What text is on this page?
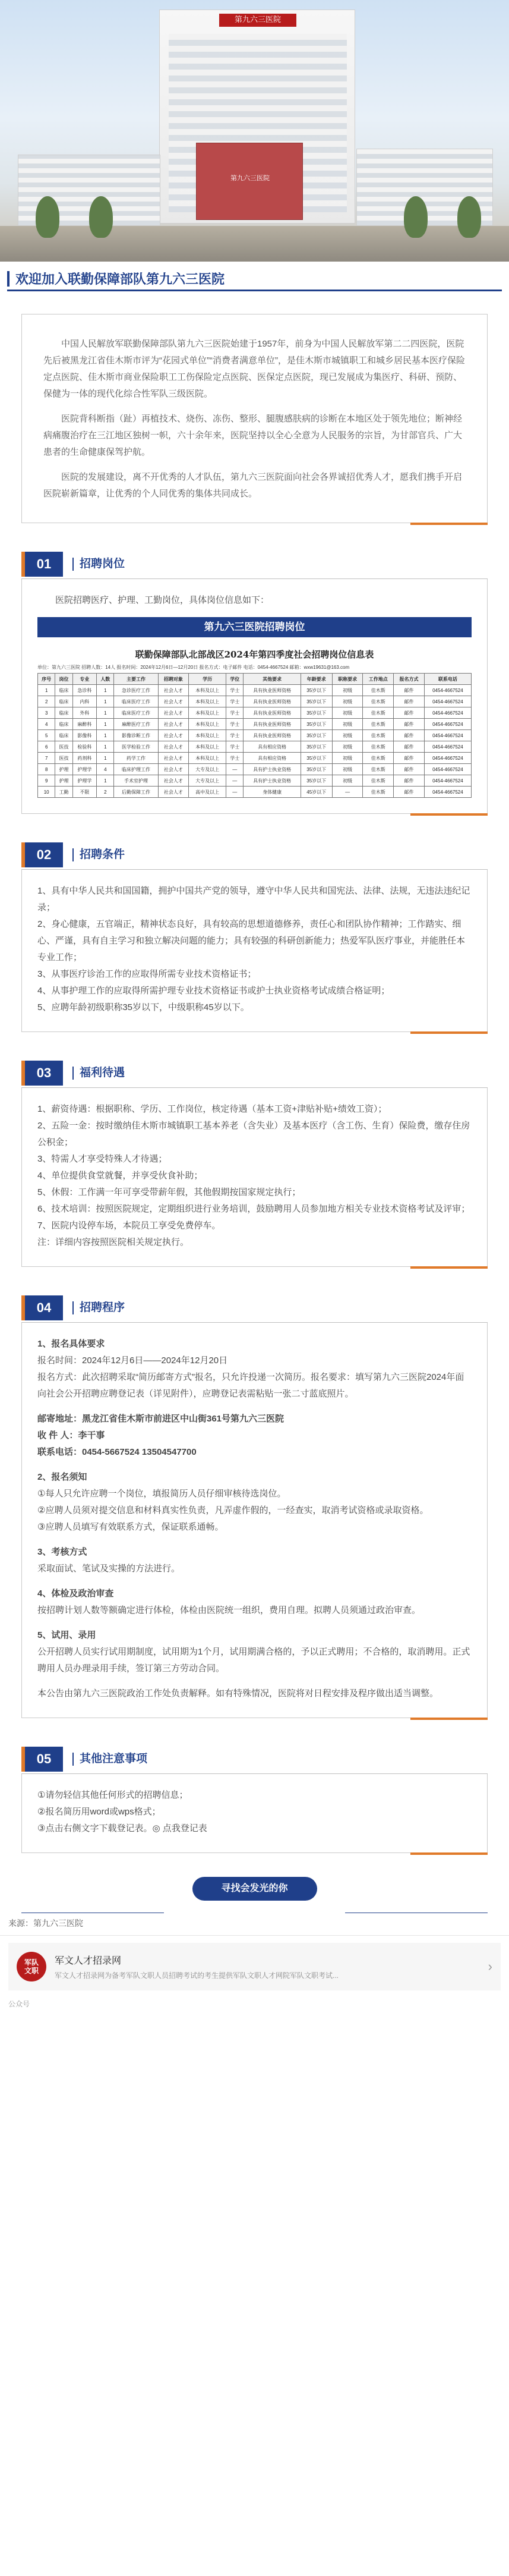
第九六三医院
第九六三医院
欢迎加入联勤保障部队第九六三医院

中国人民解放军联勤保障部队第九六三医院始建于1957年，前身为中国人民解放军第二二四医院，医院先后被黑龙江省佳木斯市评为“花园式单位”“消费者满意单位”，是佳木斯市城镇职工和城乡居民基本医疗保险定点医院、佳木斯市商业保险职工工伤保险定点医院、医保定点医院，现已发展成为集医疗、科研、预防、保健为一体的现代化综合性军队三级医院。

医院背科断指（趾）再植技术、烧伤、冻伤、整形、腿腹感肤病的诊断在本地区处于领先地位；断神经病痛腹治疗在三江地区独树一帜，六十余年来，医院坚持以全心全意为人民服务的宗旨，为甘部官兵、广大患者的生命健康保驾护航。

医院的发展建设，离不开优秀的人才队伍，第九六三医院面向社会各界诚招优秀人才，愿我们携手开启医院崭新篇章，让优秀的个人同优秀的集体共同成长。

01	招聘岗位

医院招聘医疗、护理、工勤岗位，具体岗位信息如下：

第九六三医院招聘岗位
联勤保障部队北部战区2024年第四季度社会招聘岗位信息表
单位：第九六三医院 招聘人数：14人 报名时间：2024年12月6日—12月20日 报名方式：电子邮件 电话：0454-4667524 邮箱：wxw19631@163.com
序号	岗位	专业	人数	主要工作	招聘对象	学历	学位	其他要求	年龄要求	职称要求	工作地点	报名方式	联系电话
1	临床	急诊科	1	急诊医疗工作	社会人才	本科及以上	学士	具有执业医师资格	35岁以下	初级	佳木斯	邮件	0454-4667524
2	临床	内科	1	临床医疗工作	社会人才	本科及以上	学士	具有执业医师资格	35岁以下	初级	佳木斯	邮件	0454-4667524
3	临床	外科	1	临床医疗工作	社会人才	本科及以上	学士	具有执业医师资格	35岁以下	初级	佳木斯	邮件	0454-4667524
4	临床	麻醉科	1	麻醉医疗工作	社会人才	本科及以上	学士	具有执业医师资格	35岁以下	初级	佳木斯	邮件	0454-4667524
5	临床	影像科	1	影像诊断工作	社会人才	本科及以上	学士	具有执业医师资格	35岁以下	初级	佳木斯	邮件	0454-4667524
6	医技	检验科	1	医学检验工作	社会人才	本科及以上	学士	具有相应资格	35岁以下	初级	佳木斯	邮件	0454-4667524
7	医技	药剂科	1	药学工作	社会人才	本科及以上	学士	具有相应资格	35岁以下	初级	佳木斯	邮件	0454-4667524
8	护理	护理学	4	临床护理工作	社会人才	大专及以上	—	具有护士执业资格	35岁以下	初级	佳木斯	邮件	0454-4667524
9	护理	护理学	1	手术室护理	社会人才	大专及以上	—	具有护士执业资格	35岁以下	初级	佳木斯	邮件	0454-4667524
10	工勤	不限	2	后勤保障工作	社会人才	高中及以上	—	身体健康	45岁以下	—	佳木斯	邮件	0454-4667524
02	招聘条件

1、具有中华人民共和国国籍，拥护中国共产党的领导，遵守中华人民共和国宪法、法律、法规，无违法违纪记录；

2、身心健康，五官端正，精神状态良好，具有较高的思想道德修养，责任心和团队协作精神；工作踏实、细心、严谨，具有自主学习和独立解决问题的能力；具有较强的科研创新能力；热爱军队医疗事业，并能胜任本专业工作；

3、从事医疗诊治工作的应取得所需专业技术资格证书；

4、从事护理工作的应取得所需护理专业技术资格证书或护士执业资格考试成绩合格证明；

5、应聘年龄初级职称35岁以下，中级职称45岁以下。

03	福利待遇

1、薪资待遇：根据职称、学历、工作岗位，核定待遇（基本工资+津贴补贴+绩效工资）；

2、五险一金：按时缴纳佳木斯市城镇职工基本养老（含失业）及基本医疗（含工伤、生育）保险费，缴存住房公积金；

3、特需人才享受特殊人才待遇；

4、单位提供食堂就餐，并享受伙食补助；

5、休假：工作满一年可享受带薪年假，其他假期按国家规定执行；

6、技术培训：按照医院规定，定期组织进行业务培训，鼓励聘用人员参加地方相关专业技术资格考试及评审；

7、医院内设停车场，本院员工享受免费停车。

注：详细内容按照医院相关规定执行。

04	招聘程序

1、报名具体要求

报名时间：2024年12月6日——2024年12月20日

报名方式：此次招聘采取“简历邮寄方式”报名，只允许投递一次简历。报名要求：填写第九六三医院2024年面向社会公开招聘应聘登记表（详见附件），应聘登记表需粘贴一张二寸蓝底照片。

邮寄地址：黑龙江省佳木斯市前进区中山街361号第九六三医院

收 件 人：李干事

联系电话：0454-5667524 13504547700

2、报名须知

①每人只允许应聘一个岗位，填报简历人员仔细审核待选岗位。

②应聘人员须对提交信息和材料真实性负责，凡弄虚作假的，一经查实，取消考试资格或录取资格。

③应聘人员填写有效联系方式，保证联系通畅。

3、考核方式

采取面试、笔试及实操的方法进行。

4、体检及政治审查

按招聘计划人数等额确定进行体检，体检由医院统一组织，费用自理。拟聘人员须通过政治审查。

5、试用、录用

公开招聘人员实行试用期制度，试用期为1个月，试用期满合格的，予以正式聘用；不合格的，取消聘用。正式聘用人员办理录用手续，签订第三方劳动合同。

本公告由第九六三医院政治工作处负责解释。如有特殊情况，医院将对日程安排及程序做出适当调整。

05	其他注意事项

①请勿轻信其他任何形式的招聘信息；

②报名简历用word或wps格式；

③点击右侧文字下载登记表。◎ 点我登记表

寻找会发光的你
来源：第九六三医院
军队
文职
军文人才招录网
军文人才招录网为备考军队文职人员招聘考试的考生提供军队文职人才网院军队文职考试...
›
公众号
